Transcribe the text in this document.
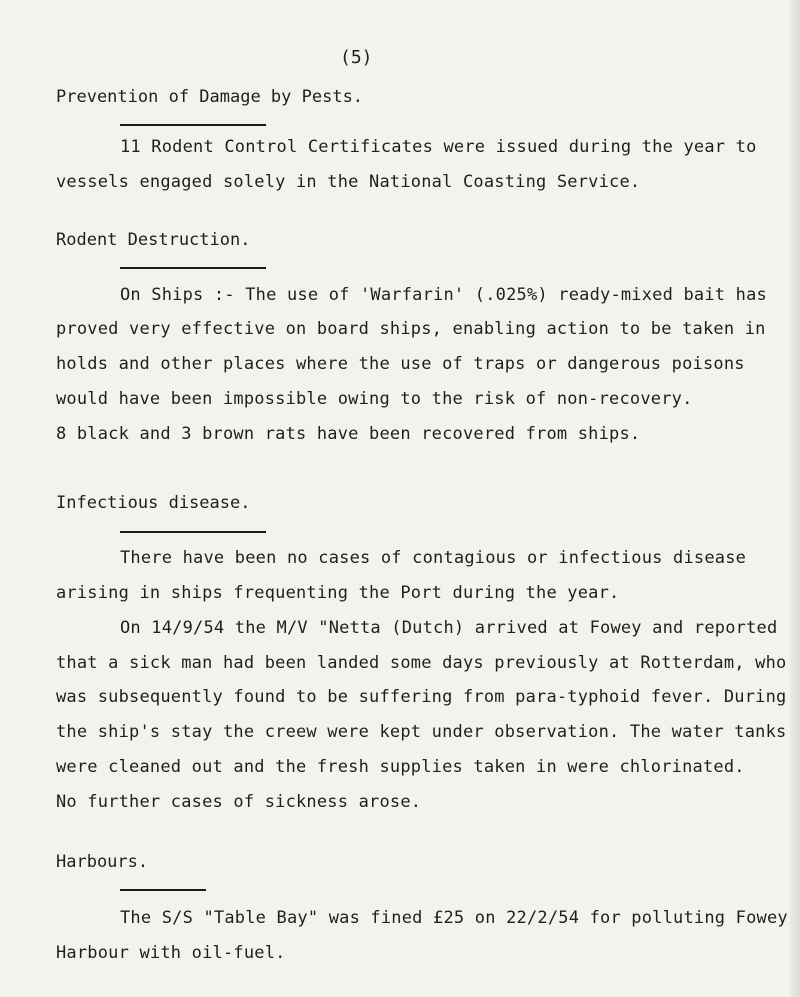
(5)
Prevention of Damage by Pests.
11 Rodent Control Certificates were issued during the year to
vessels engaged solely in the National Coasting Service.
Rodent Destruction.
On Ships :- The use of 'Warfarin' (.025%) ready-mixed bait has
proved very effective on board ships, enabling action to be taken in
holds and other places where the use of traps or dangerous poisons
would have been impossible owing to the risk of non-recovery.
8 black and 3 brown rats have been recovered from ships.
Infectious disease.
There have been no cases of contagious or infectious disease
arising in ships frequenting the Port during the year.
On 14/9/54 the M/V "Netta (Dutch) arrived at Fowey and reported
that a sick man had been landed some days previously at Rotterdam, who
was subsequently found to be suffering from para-typhoid fever. During
the ship's stay the creew were kept under observation. The water tanks
were cleaned out and the fresh supplies taken in were chlorinated.
No further cases of sickness arose.
Harbours.
The S/S "Table Bay" was fined £25 on 22/2/54 for polluting Fowey
Harbour with oil-fuel.
